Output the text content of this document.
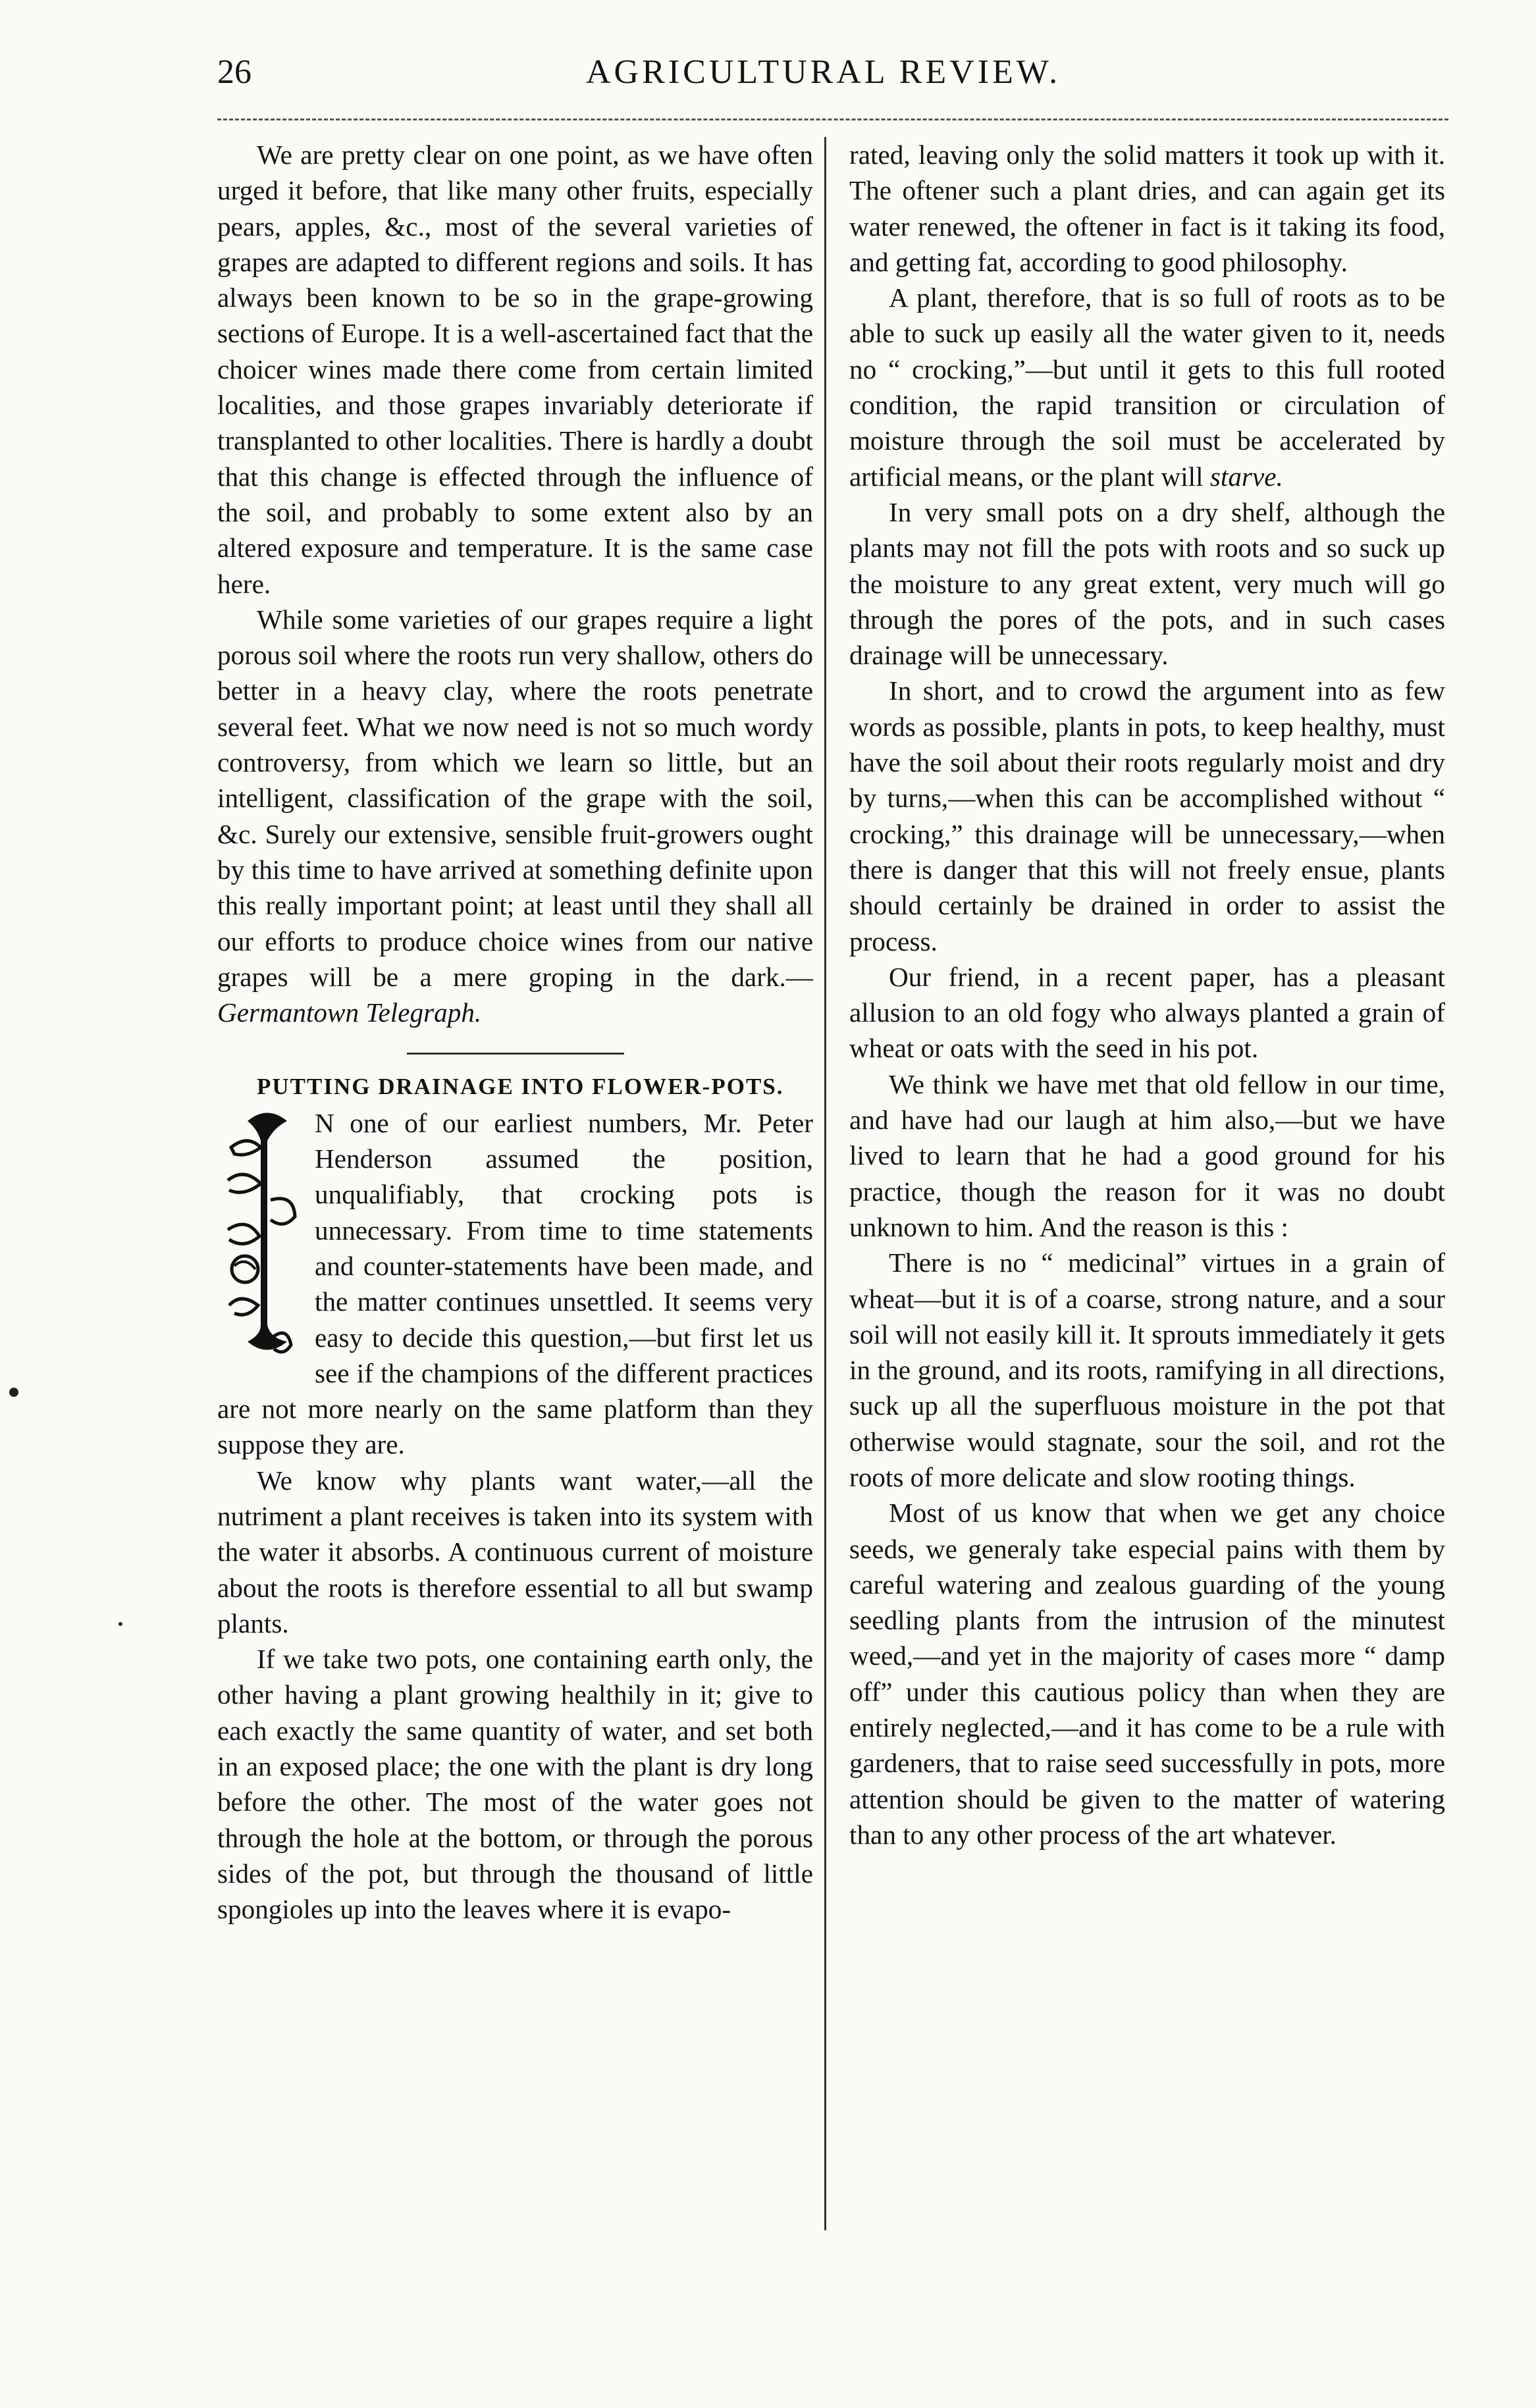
26	AGRICULTURAL REVIEW.

We are pretty clear on one point, as we have often urged it before, that like many other fruits, especially pears, apples, &c., most of the several varieties of grapes are adapted to different regions and soils. It has always been known to be so in the grape-growing sections of Europe. It is a well-ascertained fact that the choicer wines made there come from certain limited localities, and those grapes invariably deteriorate if transplanted to other localities. There is hardly a doubt that this change is effected through the influence of the soil, and probably to some extent also by an altered exposure and temperature. It is the same case here.

While some varieties of our grapes require a light porous soil where the roots run very shallow, others do better in a heavy clay, where the roots penetrate several feet. What we now need is not so much wordy controversy, from which we learn so little, but an intelligent, classification of the grape with the soil, &c. Surely our extensive, sensible fruit-growers ought by this time to have arrived at something definite upon this really important point; at least until they shall all our efforts to produce choice wines from our native grapes will be a mere groping in the dark.—Germantown Telegraph.

PUTTING DRAINAGE INTO FLOWER-POTS.

N one of our earliest numbers, Mr. Peter Henderson assumed the position, unqualifiably, that crocking pots is unnecessary. From time to time statements and counter-statements have been made, and the matter continues unsettled. It seems very easy to decide this question,—but first let us see if the champions of the different practices are not more nearly on the same platform than they suppose they are.

We know why plants want water,—all the nutriment a plant receives is taken into its system with the water it absorbs. A continuous current of moisture about the roots is therefore essential to all but swamp plants.

If we take two pots, one containing earth only, the other having a plant growing healthily in it; give to each exactly the same quantity of water, and set both in an exposed place; the one with the plant is dry long before the other. The most of the water goes not through the hole at the bottom, or through the porous sides of the pot, but through the thousand of little spongioles up into the leaves where it is evapo-

rated, leaving only the solid matters it took up with it. The oftener such a plant dries, and can again get its water renewed, the oftener in fact is it taking its food, and getting fat, according to good philosophy.

A plant, therefore, that is so full of roots as to be able to suck up easily all the water given to it, needs no “ crocking,”—but until it gets to this full rooted condition, the rapid transition or circulation of moisture through the soil must be accelerated by artificial means, or the plant will starve.

In very small pots on a dry shelf, although the plants may not fill the pots with roots and so suck up the moisture to any great extent, very much will go through the pores of the pots, and in such cases drainage will be unnecessary.

In short, and to crowd the argument into as few words as possible, plants in pots, to keep healthy, must have the soil about their roots regularly moist and dry by turns,—when this can be accomplished without “ crocking,” this drainage will be unnecessary,—when there is danger that this will not freely ensue, plants should certainly be drained in order to assist the process.

Our friend, in a recent paper, has a pleasant allusion to an old fogy who always planted a grain of wheat or oats with the seed in his pot.

We think we have met that old fellow in our time, and have had our laugh at him also,—but we have lived to learn that he had a good ground for his practice, though the reason for it was no doubt unknown to him. And the reason is this :

There is no “ medicinal” virtues in a grain of wheat—but it is of a coarse, strong nature, and a sour soil will not easily kill it. It sprouts immediately it gets in the ground, and its roots, ramifying in all directions, suck up all the superfluous moisture in the pot that otherwise would stagnate, sour the soil, and rot the roots of more delicate and slow rooting things.

Most of us know that when we get any choice seeds, we generaly take especial pains with them by careful watering and zealous guarding of the young seedling plants from the intrusion of the minutest weed,—and yet in the majority of cases more “ damp off” under this cautious policy than when they are entirely neglected,—and it has come to be a rule with gardeners, that to raise seed successfully in pots, more attention should be given to the matter of watering than to any other process of the art whatever.
